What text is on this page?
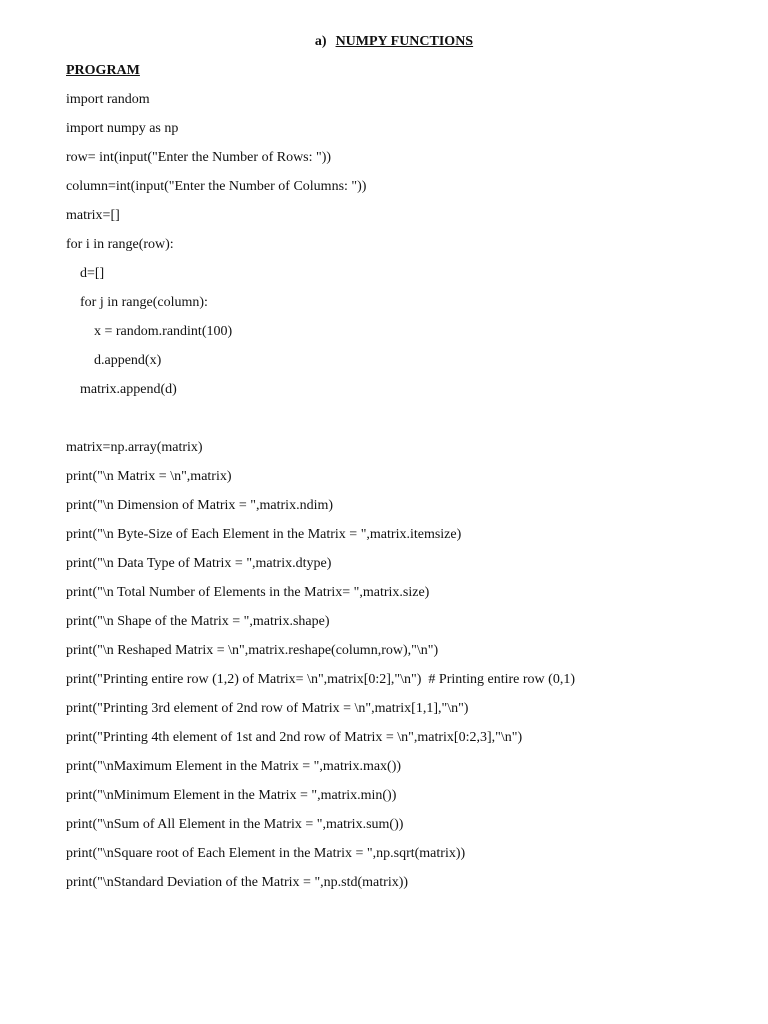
a) NUMPY FUNCTIONS
PROGRAM
import random
import numpy as np
row= int(input("Enter the Number of Rows: "))
column=int(input("Enter the Number of Columns: "))
matrix=[]
for i in range(row):
d=[]
for j in range(column):
x = random.randint(100)
d.append(x)
matrix.append(d)
matrix=np.array(matrix)
print("\n Matrix = \n",matrix)
print("\n Dimension of Matrix = ",matrix.ndim)
print("\n Byte-Size of Each Element in the Matrix = ",matrix.itemsize)
print("\n Data Type of Matrix = ",matrix.dtype)
print("\n Total Number of Elements in the Matrix= ",matrix.size)
print("\n Shape of the Matrix = ",matrix.shape)
print("\n Reshaped Matrix = \n",matrix.reshape(column,row),"\n")
print("Printing entire row (1,2) of Matrix= \n",matrix[0:2],"\n")  # Printing entire row (0,1)
print("Printing 3rd element of 2nd row of Matrix = \n",matrix[1,1],"\n")
print("Printing 4th element of 1st and 2nd row of Matrix = \n",matrix[0:2,3],"\n")
print("\nMaximum Element in the Matrix = ",matrix.max())
print("\nMinimum Element in the Matrix = ",matrix.min())
print("\nSum of All Element in the Matrix = ",matrix.sum())
print("\nSquare root of Each Element in the Matrix = ",np.sqrt(matrix))
print("\nStandard Deviation of the Matrix = ",np.std(matrix))
